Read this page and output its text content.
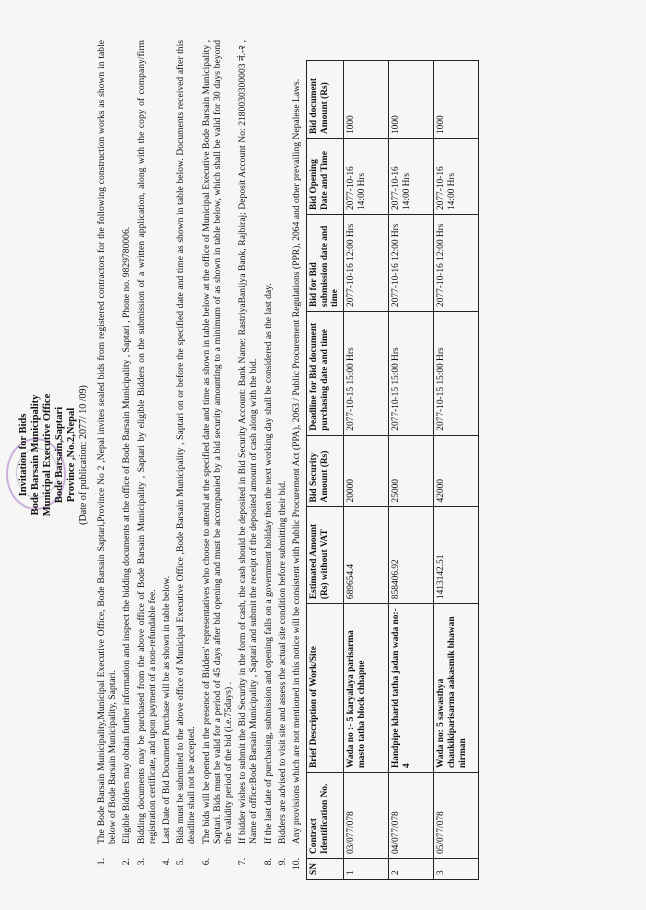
Invitation for Bids Bode Barsain Municipality Municipal Executive Office Bode Barsain,Saptari Province ,No.2,Nepal (Date of publication: 2077/ 10 /09)
1.
The Bode Barsain Municipality,Municipal Executive Office, Bode Barsain Saptari,Province No 2 ,Nepal invites sealed bids from registered contractors for the following construction works as shown in table below of Bode Barsain Municipality, Saptari.
2.
Eligible Bidders may obtain further information and inspect the bidding documents at the office of Bode Barsain Municipality , Saptari , Phone no. 9829780006.
3.
Bidding documents may be purchased from the above office of Bode Barsain Municipality , Saptari by eligible Bidders on the submission of a written application, along with the copy of company/firm registration certificate, and upon payment of a non-refundable fee.
4.
Last Date of Bid Document Purchase will be as shown in table below.
5.
Bids must be submitted to the above office of Municipal Executive Office ,Bode Barsain Municipality , Saptari on or before the specified date and time as shown in table below. Documents received after this deadline shall not be accepted.
6.
The bids will be opened in the presence of Bidders' representatives who choose to attend at the specified date and time as shown in table below at the office of Municipal Executive Bode Barsain Municipality , Saptari. Bids must be valid for a period of 45 days after bid opening and must be accompanied by a bid security amounting to a minimum of as shown in table below, which shall be valid for 30 days beyond the validity period of the bid (i.e.75days) .
7.
If bidder wishes to submit the Bid Security in the form of cash, the cash should be deposited in Bid Security Account: Bank Name: RastriyaBanijya Bank, Rajbiraj; Deposit Account No: 2180030300003 नं.-२ , Name of office:Bode Barsain Municipality , Saptari and submit the receipt of the deposited amount of cash along with the bid.
8.
If the last date of purchasing, submission and opening falls on a government holiday then the next working day shall be considered as the last day.
9.
Bidders are advised to visit site and assess the actual site condition before submitting their bid.
10.
Any provisions which are not mentioned in this notice will be consistent with Public Procurement Act (PPA), 2063 / Public Procurement Regulations (PPR), 2064 and other prevailing Nepalese Laws.
SN	Contract Identification No.	Brief Description of Work/Site	Estimated Amount (Rs) without VAT	Bid Security Amount (Rs)	Deadline for Bid document purchasing date and time	Bid for Bid submission date and time	Bid Opening Date and Time	Bid document Amount (Rs)
1	03/077/078	Wada no :- 5 karyalaya parisarma masto tatha block chhapne	689654.4	20000	2077-10-15 15:00 Hrs	2077-10-16 12:00 Hrs	2077-10-16 14:00 Hrs	1000
2	04/077/078	Handpipe kharid tatha jadan wada no:- 4	858406.92	25000	2077-10-15 15:00 Hrs	2077-10-16 12:00 Hrs	2077-10-16 14:00 Hrs	1000
3	05/077/078	Wada no: 5 sawasthya chaukikiparisarma aakasmik bhawan nirman	1413142.51	42000	2077-10-15 15:00 Hrs	2077-10-16 12:00 Hrs	2077-10-16 14:00 Hrs	1000
